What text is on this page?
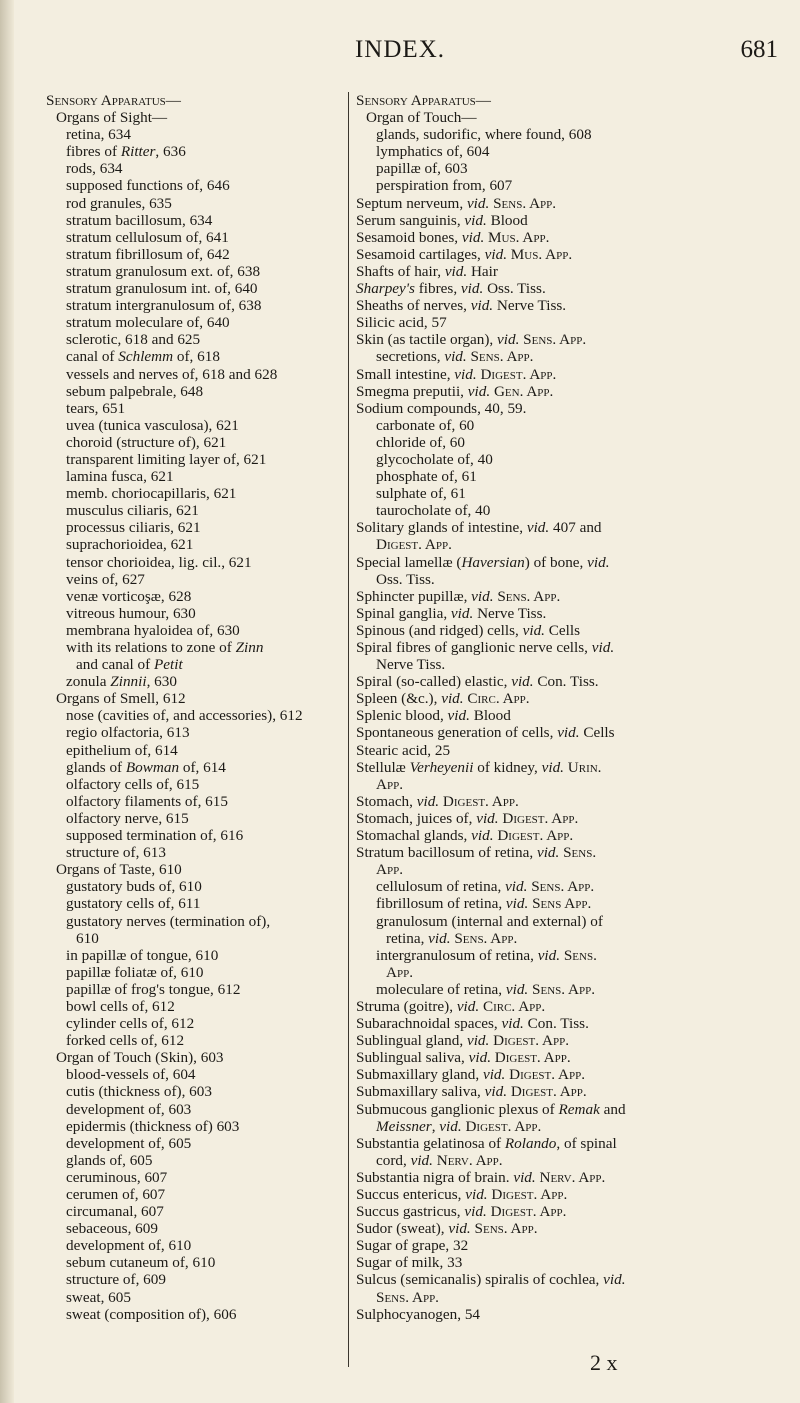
INDEX.	681
Sensory Apparatus—
Organs of Sight—
retina, 634
fibres of Ritter, 636
rods, 634
supposed functions of, 646
rod granules, 635
stratum bacillosum, 634
stratum cellulosum of, 641
stratum fibrillosum of, 642
stratum granulosum ext. of, 638
stratum granulosum int. of, 640
stratum intergranulosum of, 638
stratum moleculare of, 640
sclerotic, 618 and 625
canal of Schlemm of, 618
vessels and nerves of, 618 and 628
sebum palpebrale, 648
tears, 651
uvea (tunica vasculosa), 621
choroid (structure of), 621
transparent limiting layer of, 621
lamina fusca, 621
memb. choriocapillaris, 621
musculus ciliaris, 621
processus ciliaris, 621
suprachorioidea, 621
tensor chorioidea, lig. cil., 621
veins of, 627
venæ vorticoşæ, 628
vitreous humour, 630
membrana hyaloidea of, 630
with its relations to zone of Zinn
and canal of Petit
zonula Zinnii, 630
Organs of Smell, 612
nose (cavities of, and accessories), 612
regio olfactoria, 613
epithelium of, 614
glands of Bowman of, 614
olfactory cells of, 615
olfactory filaments of, 615
olfactory nerve, 615
supposed termination of, 616
structure of, 613
Organs of Taste, 610
gustatory buds of, 610
gustatory cells of, 611
gustatory nerves (termination of),
610
in papillæ of tongue, 610
papillæ foliatæ of, 610
papillæ of frog's tongue, 612
bowl cells of, 612
cylinder cells of, 612
forked cells of, 612
Organ of Touch (Skin), 603
blood-vessels of, 604
cutis (thickness of), 603
development of, 603
epidermis (thickness of) 603
development of, 605
glands of, 605
ceruminous, 607
cerumen of, 607
circumanal, 607
sebaceous, 609
development of, 610
sebum cutaneum of, 610
structure of, 609
sweat, 605
sweat (composition of), 606
Sensory Apparatus—
Organ of Touch—
glands, sudorific, where found, 608
lymphatics of, 604
papillæ of, 603
perspiration from, 607
Septum nerveum, vid. Sens. App.
Serum sanguinis, vid. Blood
Sesamoid bones, vid. Mus. App.
Sesamoid cartilages, vid. Mus. App.
Shafts of hair, vid. Hair
Sharpey's fibres, vid. Oss. Tiss.
Sheaths of nerves, vid. Nerve Tiss.
Silicic acid, 57
Skin (as tactile organ), vid. Sens. App.
secretions, vid. Sens. App.
Small intestine, vid. Digest. App.
Smegma preputii, vid. Gen. App.
Sodium compounds, 40, 59.
carbonate of, 60
chloride of, 60
glycocholate of, 40
phosphate of, 61
sulphate of, 61
taurocholate of, 40
Solitary glands of intestine, vid. 407 and
Digest. App.
Special lamellæ (Haversian) of bone, vid.
Oss. Tiss.
Sphincter pupillæ, vid. Sens. App.
Spinal ganglia, vid. Nerve Tiss.
Spinous (and ridged) cells, vid. Cells
Spiral fibres of ganglionic nerve cells, vid.
Nerve Tiss.
Spiral (so-called) elastic, vid. Con. Tiss.
Spleen (&c.), vid. Circ. App.
Splenic blood, vid. Blood
Spontaneous generation of cells, vid. Cells
Stearic acid, 25
Stellulæ Verheyenii of kidney, vid. Urin.
App.
Stomach, vid. Digest. App.
Stomach, juices of, vid. Digest. App.
Stomachal glands, vid. Digest. App.
Stratum bacillosum of retina, vid. Sens.
App.
cellulosum of retina, vid. Sens. App.
fibrillosum of retina, vid. Sens App.
granulosum (internal and external) of
retina, vid. Sens. App.
intergranulosum of retina, vid. Sens.
App.
moleculare of retina, vid. Sens. App.
Struma (goitre), vid. Circ. App.
Subarachnoidal spaces, vid. Con. Tiss.
Sublingual gland, vid. Digest. App.
Sublingual saliva, vid. Digest. App.
Submaxillary gland, vid. Digest. App.
Submaxillary saliva, vid. Digest. App.
Submucous ganglionic plexus of Remak and
Meissner, vid. Digest. App.
Substantia gelatinosa of Rolando, of spinal
cord, vid. Nerv. App.
Substantia nigra of brain. vid. Nerv. App.
Succus entericus, vid. Digest. App.
Succus gastricus, vid. Digest. App.
Sudor (sweat), vid. Sens. App.
Sugar of grape, 32
Sugar of milk, 33
Sulcus (semicanalis) spiralis of cochlea, vid.
Sens. App.
Sulphocyanogen, 54
2 x
